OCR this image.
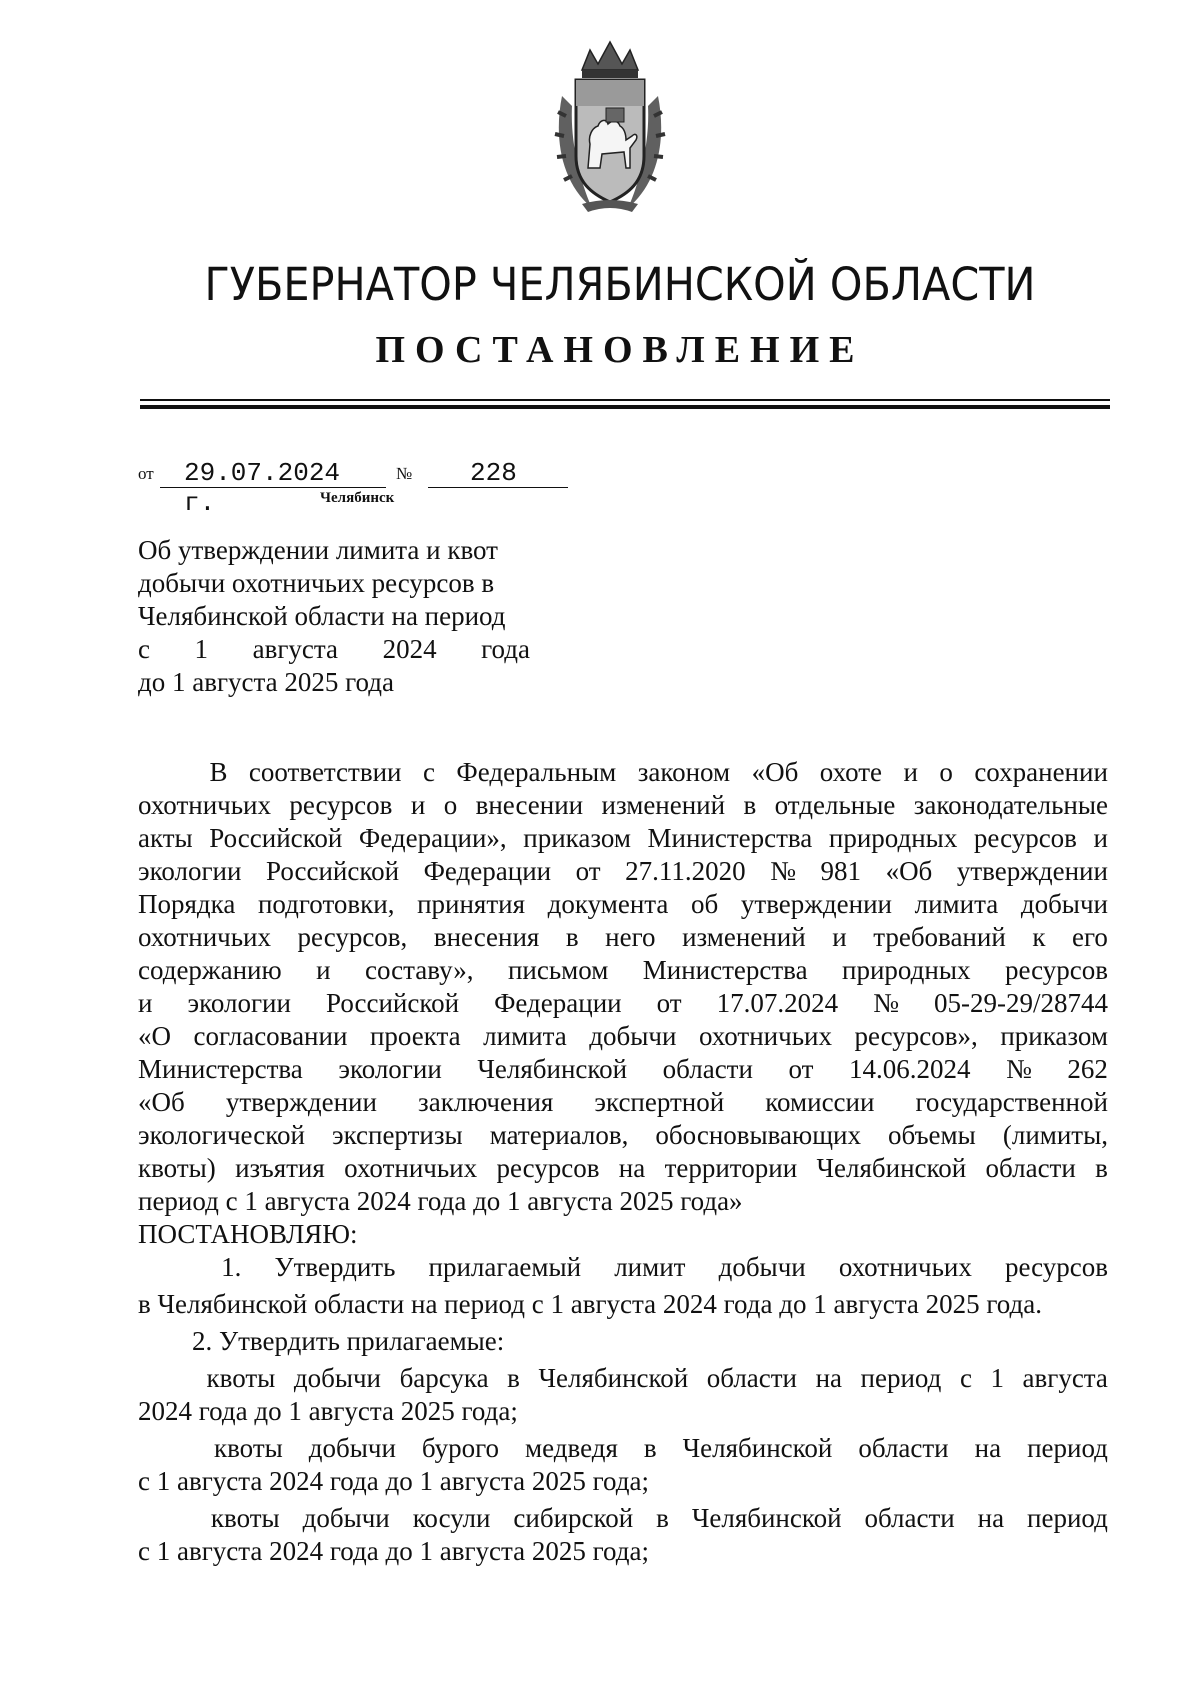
ГУБЕРНАТОР ЧЕЛЯБИНСКОЙ ОБЛАСТИ
ПОСТАНОВЛЕНИЕ
от	29.07.2024 г.
№	228
Челябинск
Об утверждении лимита и квот
добычи охотничьих ресурсов в
Челябинской области на период
с 1 августа 2024 года
до 1 августа 2025 года
В соответствии с Федеральным законом «Об охоте и о сохранении
охотничьих ресурсов и о внесении изменений в отдельные законодательные
акты Российской Федерации», приказом Министерства природных ресурсов и
экологии Российской Федерации от 27.11.2020 № 981 «Об утверждении
Порядка подготовки, принятия документа об утверждении лимита добычи
охотничьих ресурсов, внесения в него изменений и требований к его
содержанию и составу», письмом Министерства природных ресурсов
и экологии Российской Федерации от 17.07.2024 № 05-29-29/28744
«О согласовании проекта лимита добычи охотничьих ресурсов», приказом
Министерства экологии Челябинской области от 14.06.2024 № 262
«Об утверждении заключения экспертной комиссии государственной
экологической экспертизы материалов, обосновывающих объемы (лимиты,
квоты) изъятия охотничьих ресурсов на территории Челябинской области в
период с 1 августа 2024 года до 1 августа 2025 года»
ПОСТАНОВЛЯЮ:
1. Утвердить прилагаемый лимит добычи охотничьих ресурсов
в Челябинской области на период с 1 августа 2024 года до 1 августа 2025 года.
2. Утвердить прилагаемые:
квоты добычи барсука в Челябинской области на период с 1 августа
2024 года до 1 августа 2025 года;
квоты добычи бурого медведя в Челябинской области на период
с 1 августа 2024 года до 1 августа 2025 года;
квоты добычи косули сибирской в Челябинской области на период
с 1 августа 2024 года до 1 августа 2025 года;
